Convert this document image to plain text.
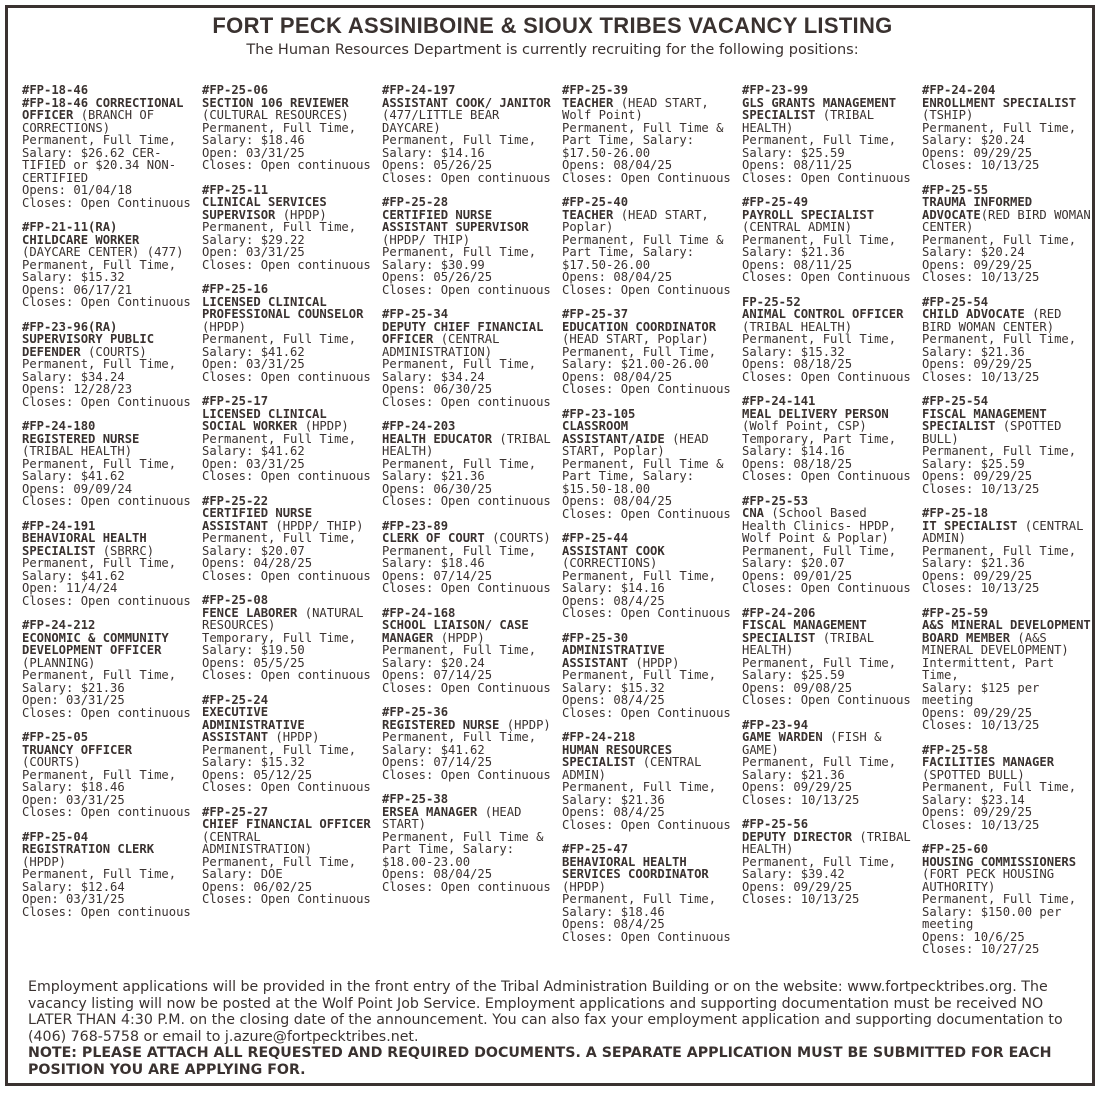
FORT PECK ASSINIBOINE & SIOUX TRIBES VACANCY LISTING
The Human Resources Department is currently recruiting for the following positions:
#FP-18-46
#FP-18-46 CORRECTIONAL OFFICER (BRANCH OF CORRECTIONS)
Permanent, Full Time,
Salary: $26.62 CER-TIFIED or $20.34 NON-CERTIFIED
Opens: 01/04/18
Closes: Open Continuous
#FP-21-11(RA)
CHILDCARE WORKER (DAYCARE CENTER) (477)
Permanent, Full Time,
Salary: $15.32
Opens: 06/17/21
Closes: Open Continuous
#FP-23-96(RA)
SUPERVISORY PUBLIC DEFENDER (COURTS)
Permanent, Full Time,
Salary: $34.24
Opens: 12/28/23
Closes: Open Continuous
#FP-24-180
REGISTERED NURSE (TRIBAL HEALTH)
Permanent, Full Time,
Salary: $41.62
Opens: 09/09/24
Closes: Open continuous
#FP-24-191
BEHAVIORAL HEALTH SPECIALIST (SBRRC)
Permanent, Full Time,
Salary: $41.62
Open: 11/4/24
Closes: Open continuous
#FP-24-212
ECONOMIC & COMMUNITY DEVELOPMENT OFFICER (PLANNING)
Permanent, Full Time,
Salary: $21.36
Open: 03/31/25
Closes: Open continuous
#FP-25-05
TRUANCY OFFICER (COURTS)
Permanent, Full Time,
Salary: $18.46
Open: 03/31/25
Closes: Open continuous
#FP-25-04
REGISTRATION CLERK (HPDP)
Permanent, Full Time,
Salary: $12.64
Open: 03/31/25
Closes: Open continuous
#FP-25-06
SECTION 106 REVIEWER (CULTURAL RESOURCES)
Permanent, Full Time,
Salary: $18.46
Open: 03/31/25
Closes: Open continuous
#FP-25-11
CLINICAL SERVICES SUPERVISOR (HPDP)
Permanent, Full Time,
Salary: $29.22
Open: 03/31/25
Closes: Open continuous
#FP-25-16
LICENSED CLINICAL PROFESSIONAL COUNSELOR (HPDP)
Permanent, Full Time,
Salary: $41.62
Open: 03/31/25
Closes: Open continuous
#FP-25-17
LICENSED CLINICAL SOCIAL WORKER (HPDP)
Permanent, Full Time,
Salary: $41.62
Open: 03/31/25
Closes: Open continuous
#FP-25-22
CERTIFIED NURSE ASSISTANT (HPDP/ THIP)
Permanent, Full Time,
Salary: $20.07
Opens: 04/28/25
Closes: Open continuous
#FP-25-08
FENCE LABORER (NATURAL RESOURCES)
Temporary, Full Time,
Salary: $19.50
Opens: 05/5/25
Closes: Open continuous
#FP-25-24
EXECUTIVE ADMINISTRATIVE ASSISTANT (HPDP)
Permanent, Full Time,
Salary: $15.32
Opens: 05/12/25
Closes: Open Continuous
#FP-25-27
CHIEF FINANCIAL OFFICER (CENTRAL ADMINISTRATION)
Permanent, Full Time,
Salary: DOE
Opens: 06/02/25
Closes: Open Continuous
#FP-24-197
ASSISTANT COOK/ JANITOR (477/LITTLE BEAR DAYCARE)
Permanent, Full Time,
Salary: $14.16
Opens: 05/26/25
Closes: Open continuous
#FP-25-28
CERTIFIED NURSE ASSISTANT SUPERVISOR (HPDP/ THIP)
Permanent, Full Time,
Salary: $30.99
Opens: 05/26/25
Closes: Open continuous
#FP-25-34
DEPUTY CHIEF FINANCIAL OFFICER (CENTRAL ADMINISTRATION)
Permanent, Full Time,
Salary: $34.24
Opens: 06/30/25
Closes: Open continuous
#FP-24-203
HEALTH EDUCATOR (TRIBAL HEALTH)
Permanent, Full Time,
Salary: $21.36
Opens: 06/30/25
Closes: Open continuous
#FP-23-89
CLERK OF COURT (COURTS)
Permanent, Full Time,
Salary: $18.46
Opens: 07/14/25
Closes: Open Continuous
#FP-24-168
SCHOOL LIAISON/ CASE MANAGER (HPDP)
Permanent, Full Time,
Salary: $20.24
Opens: 07/14/25
Closes: Open Continuous
#FP-25-36
REGISTERED NURSE (HPDP)
Permanent, Full Time,
Salary: $41.62
Opens: 07/14/25
Closes: Open Continuous
#FP-25-38
ERSEA MANAGER (HEAD START)
Permanent, Full Time & Part Time, Salary:
$18.00-23.00
Opens: 08/04/25
Closes: Open continuous
#FP-25-39
TEACHER (HEAD START, Wolf Point)
Permanent, Full Time & Part Time, Salary:
$17.50-26.00
Opens: 08/04/25
Closes: Open Continuous
#FP-25-40
TEACHER (HEAD START, Poplar)
Permanent, Full Time & Part Time, Salary:
$17.50-26.00
Opens: 08/04/25
Closes: Open Continuous
#FP-25-37
EDUCATION COORDINATOR (HEAD START, Poplar)
Permanent, Full Time,
Salary: $21.00-26.00
Opens: 08/04/25
Closes: Open Continuous
#FP-23-105
CLASSROOM ASSISTANT/AIDE (HEAD START, Poplar)
Permanent, Full Time & Part Time, Salary:
$15.50-18.00
Opens: 08/04/25
Closes: Open Continuous
#FP-25-44
ASSISTANT COOK (CORRECTIONS)
Permanent, Full Time,
Salary: $14.16
Opens: 08/4/25
Closes: Open Continuous
#FP-25-30
ADMINISTRATIVE ASSISTANT (HPDP)
Permanent, Full Time,
Salary: $15.32
Opens: 08/4/25
Closes: Open Continuous
#FP-24-218
HUMAN RESOURCES SPECIALIST (CENTRAL ADMIN)
Permanent, Full Time,
Salary: $21.36
Opens: 08/4/25
Closes: Open Continuous
#FP-25-47
BEHAVIORAL HEALTH SERVICES COORDINATOR (HPDP)
Permanent, Full Time,
Salary: $18.46
Opens: 08/4/25
Closes: Open Continuous
#FP-23-99
GLS GRANTS MANAGEMENT SPECIALIST (TRIBAL HEALTH)
Permanent, Full Time,
Salary: $25.59
Opens: 08/11/25
Closes: Open Continuous
#FP-25-49
PAYROLL SPECIALIST (CENTRAL ADMIN)
Permanent, Full Time,
Salary: $21.36
Opens: 08/11/25
Closes: Open Continuous
FP-25-52
ANIMAL CONTROL OFFICER (TRIBAL HEALTH)
Permanent, Full Time,
Salary: $15.32
Opens: 08/18/25
Closes: Open Continuous
#FP-24-141
MEAL DELIVERY PERSON (Wolf Point, CSP)
Temporary, Part Time,
Salary: $14.16
Opens: 08/18/25
Closes: Open Continuous
#FP-25-53
CNA (School Based Health Clinics- HPDP, Wolf Point & Poplar)
Permanent, Full Time,
Salary: $20.07
Opens: 09/01/25
Closes: Open Continuous
#FP-24-206
FISCAL MANAGEMENT SPECIALIST (TRIBAL HEALTH)
Permanent, Full Time,
Salary: $25.59
Opens: 09/08/25
Closes: Open Continuous
#FP-23-94
GAME WARDEN (FISH & GAME)
Permanent, Full Time,
Salary: $21.36
Opens: 09/29/25
Closes: 10/13/25
#FP-25-56
DEPUTY DIRECTOR (TRIBAL HEALTH)
Permanent, Full Time,
Salary: $39.42
Opens: 09/29/25
Closes: 10/13/25
#FP-24-204
ENROLLMENT SPECIALIST (TSHIP)
Permanent, Full Time,
Salary: $20.24
Opens: 09/29/25
Closes: 10/13/25
#FP-25-55
TRAUMA INFORMED ADVOCATE(RED BIRD WOMAN CENTER)
Permanent, Full Time,
Salary: $20.24
Opens: 09/29/25
Closes: 10/13/25
#FP-25-54
CHILD ADVOCATE (RED BIRD WOMAN CENTER)
Permanent, Full Time,
Salary: $21.36
Opens: 09/29/25
Closes: 10/13/25
#FP-25-54
FISCAL MANAGEMENT SPECIALIST (SPOTTED BULL)
Permanent, Full Time,
Salary: $25.59
Opens: 09/29/25
Closes: 10/13/25
#FP-25-18
IT SPECIALIST (CENTRAL ADMIN)
Permanent, Full Time,
Salary: $21.36
Opens: 09/29/25
Closes: 10/13/25
#FP-25-59
A&S MINERAL DEVELOPMENT BOARD MEMBER (A&S MINERAL DEVELOPMENT)
Intermittent, Part Time,
Salary: $125 per meeting
Opens: 09/29/25
Closes: 10/13/25
#FP-25-58
FACILITIES MANAGER (SPOTTED BULL)
Permanent, Full Time,
Salary: $23.14
Opens: 09/29/25
Closes: 10/13/25
#FP-25-60
HOUSING COMMISSIONERS (FORT PECK HOUSING AUTHORITY)
Permanent, Full Time,
Salary: $150.00 per meeting
Opens: 10/6/25
Closes: 10/27/25
Employment applications will be provided in the front entry of the Tribal Administration Building or on the website: www.fortpecktribes.org. The vacancy listing will now be posted at the Wolf Point Job Service. Employment applications and supporting documentation must be received NO LATER THAN 4:30 P.M. on the closing date of the announcement. You can also fax your employment application and supporting documentation to (406) 768-5758 or email to j.azure@fortpecktribes.net.
NOTE: PLEASE ATTACH ALL REQUESTED AND REQUIRED DOCUMENTS. A SEPARATE APPLICATION MUST BE SUBMITTED FOR EACH POSITION YOU ARE APPLYING FOR.
